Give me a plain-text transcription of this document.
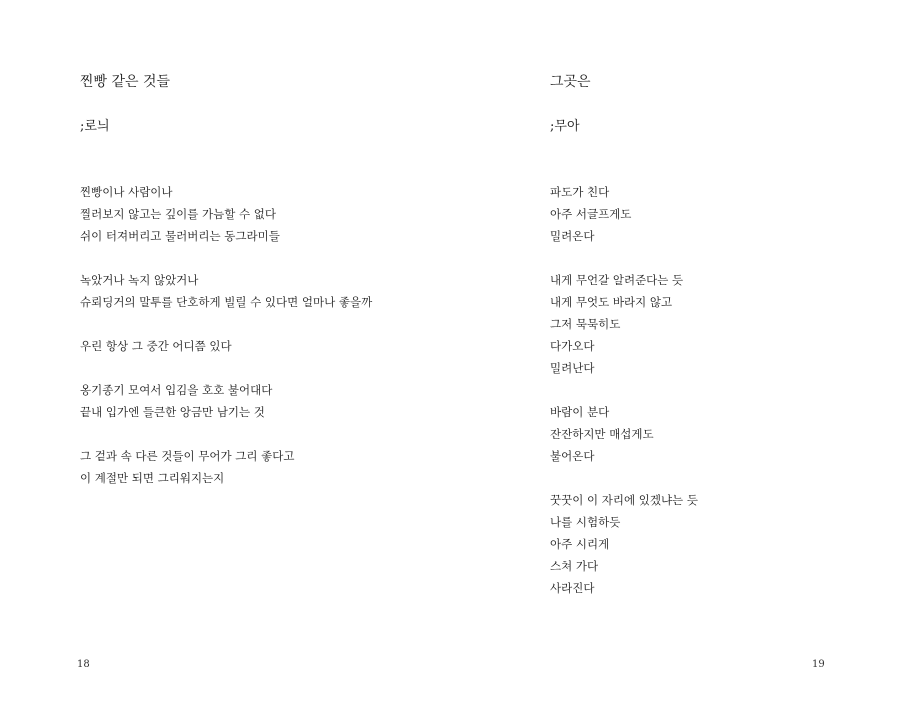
찐빵 같은 것들

;로늬

찐빵이나 사람이나
찔러보지 않고는 깊이를 가늠할 수 없다
쉬이 터져버리고 물러버리는 동그라미들
녹았거나 녹지 않았거나
슈뢰딩거의 말투를 단호하게 빌릴 수 있다면 얼마나 좋을까
우린 항상 그 중간 어디쯤 있다
옹기종기 모여서 입김을 호호 불어대다
끝내 입가엔 들큰한 앙금만 남기는 것
그 겉과 속 다른 것들이 무어가 그리 좋다고
이 계절만 되면 그리워지는지

18

그곳은

;무아

파도가 친다
아주 서글프게도
밀려온다
내게 무언갈 알려준다는 듯
내게 무엇도 바라지 않고
그저 묵묵히도
다가오다
밀려난다
바람이 분다
잔잔하지만 매섭게도
불어온다
꿋꿋이 이 자리에 있겠냐는 듯
나를 시험하듯
아주 시리게
스쳐 가다
사라진다

19
